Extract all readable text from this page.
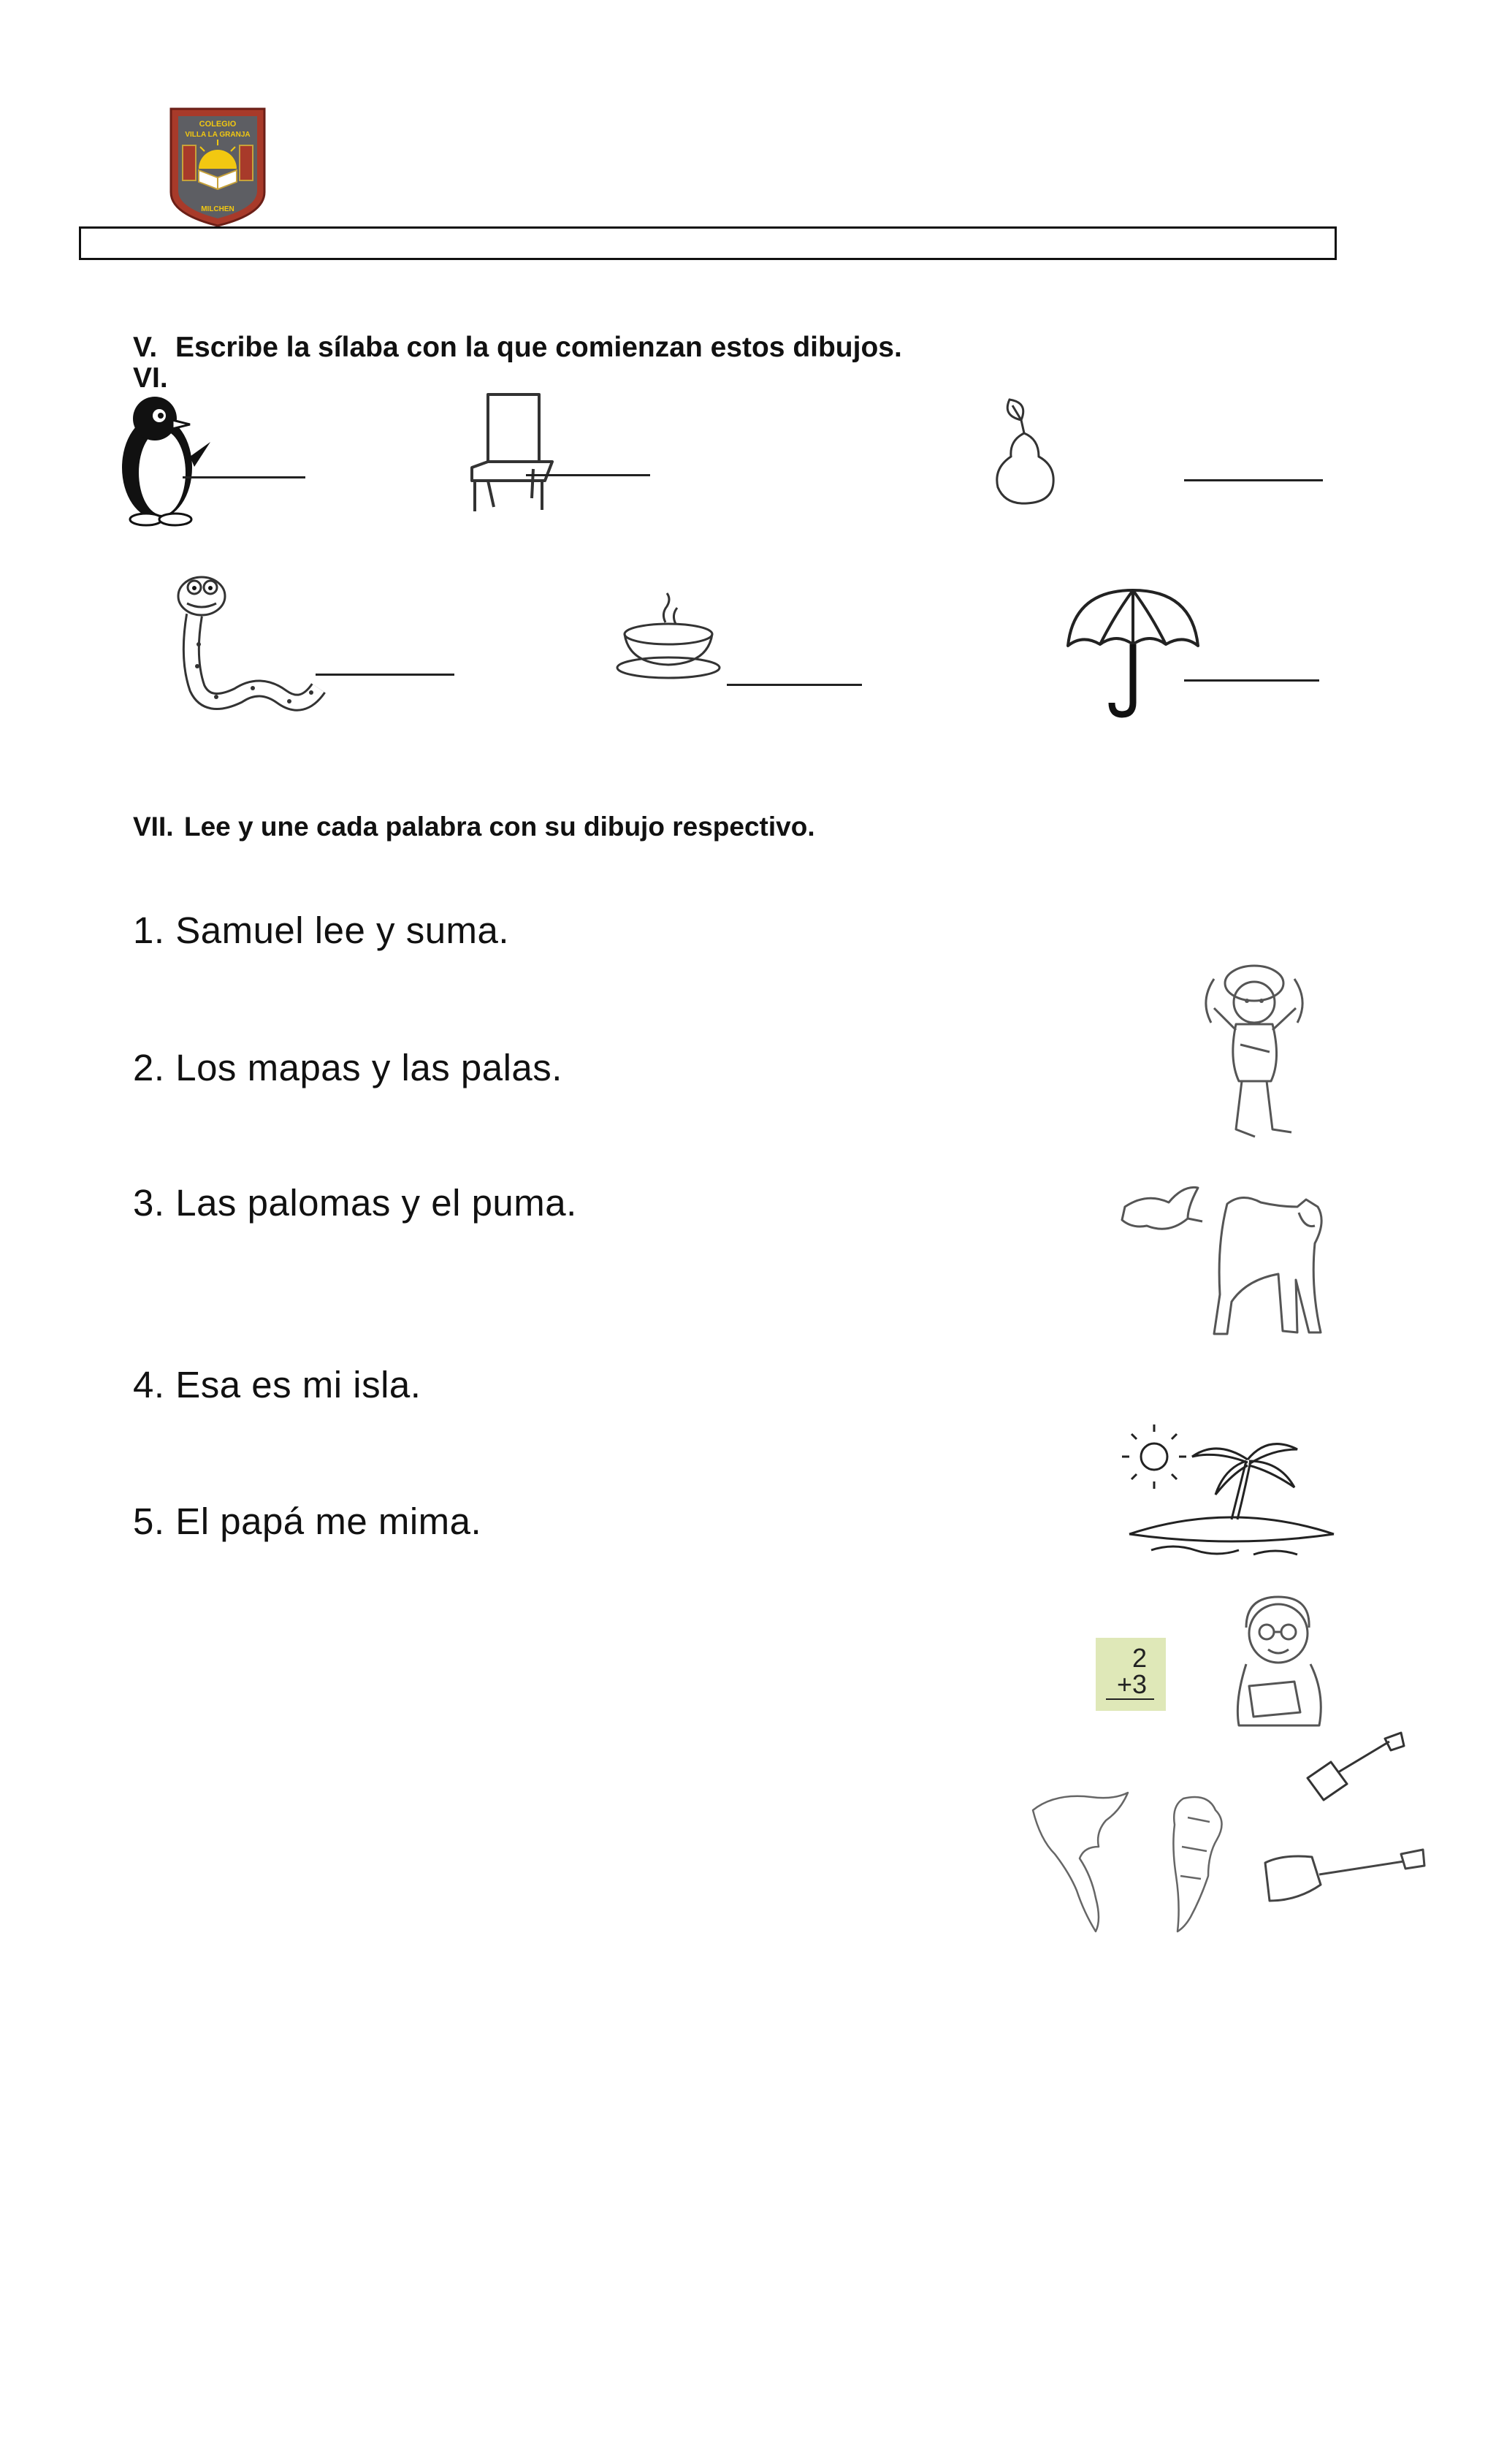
COLEGIO
VILLA LA GRANJA
MILCHEN
V. Escribe la sílaba con la que comienzan estos dibujos.
VI.
VII. Lee y une cada palabra con su dibujo respectivo.
1. Samuel lee y suma.
2. Los mapas y las palas.
3. Las palomas y el puma.
4. Esa es mi isla.
5. El papá me mima.
2
+3
